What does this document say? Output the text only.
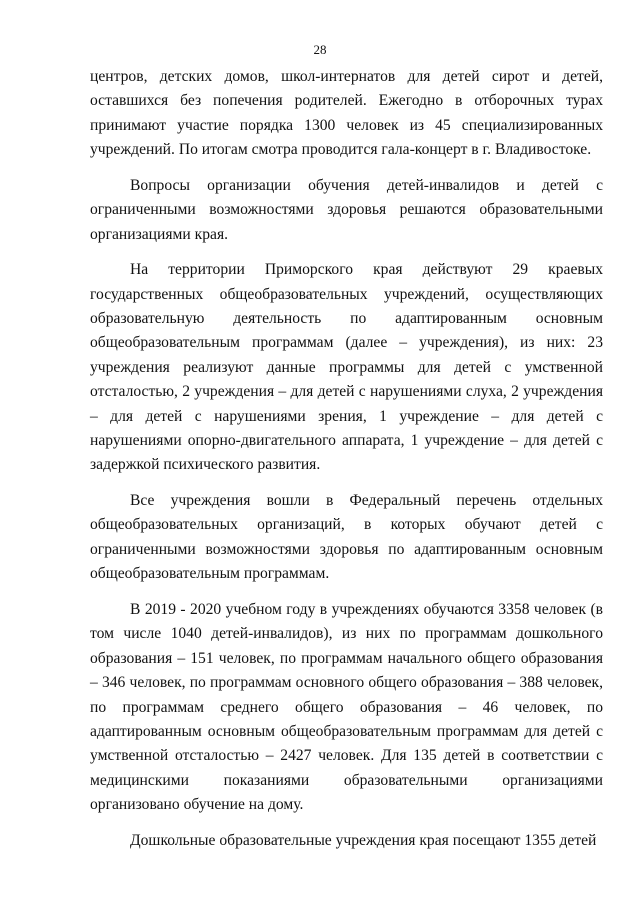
28

центров, детских домов, школ-интернатов для детей сирот и детей, оставшихся без попечения родителей. Ежегодно в отборочных турах принимают участие порядка 1300 человек из 45 специализированных учреждений. По итогам смотра проводится гала-концерт в г. Владивостоке.

Вопросы организации обучения детей-инвалидов и детей с ограниченными возможностями здоровья решаются образовательными организациями края.

На территории Приморского края действуют 29 краевых государственных общеобразовательных учреждений, осуществляющих образовательную деятельность по адаптированным основным общеобразовательным программам (далее – учреждения), из них: 23 учреждения реализуют данные программы для детей с умственной отсталостью, 2 учреждения – для детей с нарушениями слуха, 2 учреждения – для детей с нарушениями зрения, 1 учреждение – для детей с нарушениями опорно-двигательного аппарата, 1 учреждение – для детей с задержкой психического развития.

Все учреждения вошли в Федеральный перечень отдельных общеобразовательных организаций, в которых обучают детей с ограниченными возможностями здоровья по адаптированным основным общеобразовательным программам.

В 2019 - 2020 учебном году в учреждениях обучаются 3358 человек (в том числе 1040 детей-инвалидов), из них по программам дошкольного образования – 151 человек, по программам начального общего образования – 346 человек, по программам основного общего образования – 388 человек, по программам среднего общего образования – 46 человек, по адаптированным основным общеобразовательным программам для детей с умственной отсталостью – 2427 человек. Для 135 детей в соответствии с медицинскими показаниями образовательными организациями организовано обучение на дому.

Дошкольные образовательные учреждения края посещают 1355 детей
